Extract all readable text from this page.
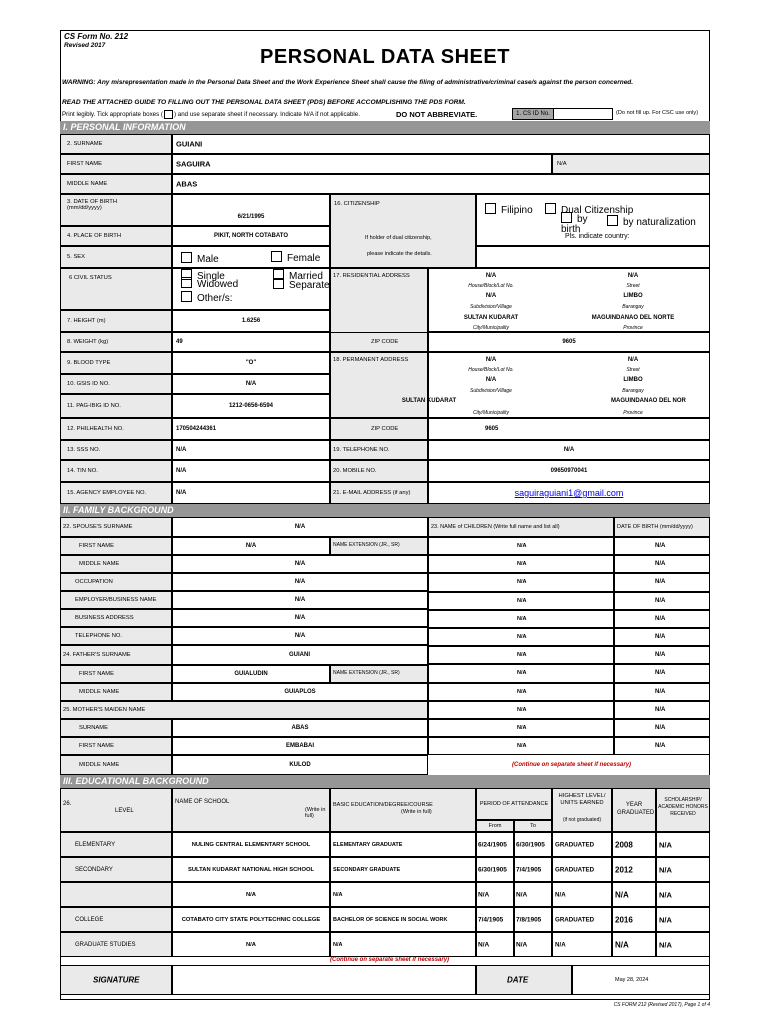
CS Form No. 212
Revised 2017
PERSONAL DATA SHEET
WARNING: Any misrepresentation made in the Personal Data Sheet and the Work Experience Sheet shall cause the filing of administrative/criminal case/s against the person concerned.
READ THE ATTACHED GUIDE TO FILLING OUT THE PERSONAL DATA SHEET (PDS) BEFORE ACCOMPLISHING THE PDS FORM.
Print legibly. Tick appropriate boxes ( ) and use separate sheet if necessary. Indicate N/A if not applicable.	DO NOT ABBREVIATE.	1. CS ID No.	(Do not fill up. For CSC use only)
I. PERSONAL INFORMATION
2. SURNAME	GUIANI
FIRST NAME	SAGUIRA	N/A
MIDDLE NAME	ABAS
3. DATE OF BIRTH (mm/dd/yyyy)
6/21/1995
4. PLACE OF BIRTH	PIKIT, NORTH COTABATO
5. SEX	Male	Female
6 CIVIL STATUS	Single	Married
Widowed	Separate
Other/s:
7. HEIGHT (m)	1.6256
8. WEIGHT (kg)	49
9. BLOOD TYPE	"O"
10. GSIS ID NO.	N/A
11. PAG-IBIG ID NO.	1212-0656-6594
12. PHILHEALTH NO.	170504244361
13. SSS NO.	N/A
14. TIN NO.	N/A
15. AGENCY EMPLOYEE NO.	N/A
16. CITIZENSHIP
If holder of dual citizenship,
please indicate the details.
Filipino	Dual Citizenship
by birth
by naturalization
Pls. indicate country:
17. RESIDENTIAL ADDRESS	N/A	N/A
House/Block/Lot No.	Street
N/A	LIMBO
Subdivision/Village	Barangay
SULTAN KUDARAT	MAGUINDANAO DEL NORTE
City/Municipality	Province
ZIP CODE	9605
18. PERMANENT ADDRESS	N/A	N/A
House/Block/Lot No.	Street
N/A	LIMBO
Subdivision/Village	Barangay
SULTAN KUDARAT	MAGUINDANAO DEL NOR
City/Municipality	Province
ZIP CODE	9605
19. TELEPHONE NO.	N/A
20. MOBILE NO.	09650970041
21. E-MAIL ADDRESS (if any)	saguiraguiani1@gmail.com
II. FAMILY BACKGROUND
22. SPOUSE'S SURNAME	N/A
FIRST NAME	N/A	NAME EXTENSION (JR., SR)
MIDDLE NAME	N/A
OCCUPATION	N/A
EMPLOYER/BUSINESS NAME	N/A
BUSINESS ADDRESS	N/A
TELEPHONE NO.	N/A
24. FATHER'S SURNAME	GUIANI
FIRST NAME	GUIALUDIN	NAME EXTENSION (JR., SR)
MIDDLE NAME	GUIAPLOS
25. MOTHER'S MAIDEN NAME
SURNAME	ABAS
FIRST NAME	EMBABAI
MIDDLE NAME	KULOD
23. NAME of CHILDREN (Write full name and list all)	DATE OF BIRTH (mm/dd/yyyy)
N/A	N/A
N/A	N/A
N/A	N/A
N/A	N/A
N/A	N/A
N/A	N/A
N/A	N/A
N/A	N/A
N/A	N/A
N/A	N/A
N/A	N/A
N/A	N/A
(Continue on separate sheet if necessary)
III. EDUCATIONAL BACKGROUND
26.
LEVEL
NAME OF SCHOOL
(Write in full)
BASIC EDUCATION/DEGREE/COURSE
(Write in full)
PERIOD OF ATTENDANCE
From	To
HIGHEST LEVEL/ UNITS EARNED
(if not graduated)
YEAR GRADUATED
SCHOLARSHIP/ ACADEMIC HONORS RECEIVED
ELEMENTARY	NULING CENTRAL ELEMENTARY SCHOOL	ELEMENTARY GRADUATE	6/24/1905 6/30/1905 GRADUATED	2008	N/A
SECONDARY	SULTAN KUDARAT NATIONAL HIGH SCHOOL	SECONDARY GRADUATE	6/30/1905 7/4/1905 GRADUATED	2012	N/A
N/A	N/A	N/A	N/A	N/A	N/A	N/A
COLLEGE	COTABATO CITY STATE POLYTECHNIC COLLEGE	BACHELOR OF SCIENCE IN SOCIAL WORK	7/4/1905 7/8/1905 GRADUATED	2016	N/A
GRADUATE STUDIES	N/A	N/A	N/A	N/A	N/A	N/A	N/A
(Continue on separate sheet if necessary)
SIGNATURE	DATE	May 28, 2024
CS FORM 212 (Revised 2017), Page 1 of 4
